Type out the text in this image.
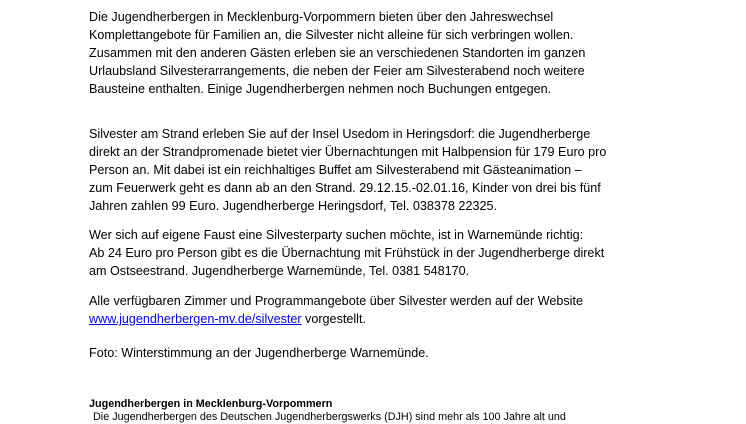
Die Jugendherbergen in Mecklenburg-Vorpommern bieten über den Jahreswechsel
Komplettangebote für Familien an, die Silvester nicht alleine für sich verbringen wollen.
Zusammen mit den anderen Gästen erleben sie an verschiedenen Standorten im ganzen
Urlaubsland Silvesterarrangements, die neben der Feier am Silvesterabend noch weitere
Bausteine enthalten. Einige Jugendherbergen nehmen noch Buchungen entgegen.

Silvester am Strand erleben Sie auf der Insel Usedom in Heringsdorf: die Jugendherberge
direkt an der Strandpromenade bietet vier Übernachtungen mit Halbpension für 179 Euro pro
Person an. Mit dabei ist ein reichhaltiges Buffet am Silvesterabend mit Gästeanimation –
zum Feuerwerk geht es dann ab an den Strand. 29.12.15.-02.01.16, Kinder von drei bis fünf
Jahren zahlen 99 Euro. Jugendherberge Heringsdorf, Tel. 038378 22325.

Wer sich auf eigene Faust eine Silvesterparty suchen möchte, ist in Warnemünde richtig:
Ab 24 Euro pro Person gibt es die Übernachtung mit Frühstück in der Jugendherberge direkt
am Ostseestrand. Jugendherberge Warnemünde, Tel. 0381 548170.

Alle verfügbaren Zimmer und Programmangebote über Silvester werden auf der Website
www.jugendherbergen-mv.de/silvester vorgestellt.

Foto: Winterstimmung an der Jugendherberge Warnemünde.

Jugendherbergen in Mecklenburg-Vorpommern

Die Jugendherbergen des Deutschen Jugendherbergswerks (DJH) sind mehr als 100 Jahre alt und
